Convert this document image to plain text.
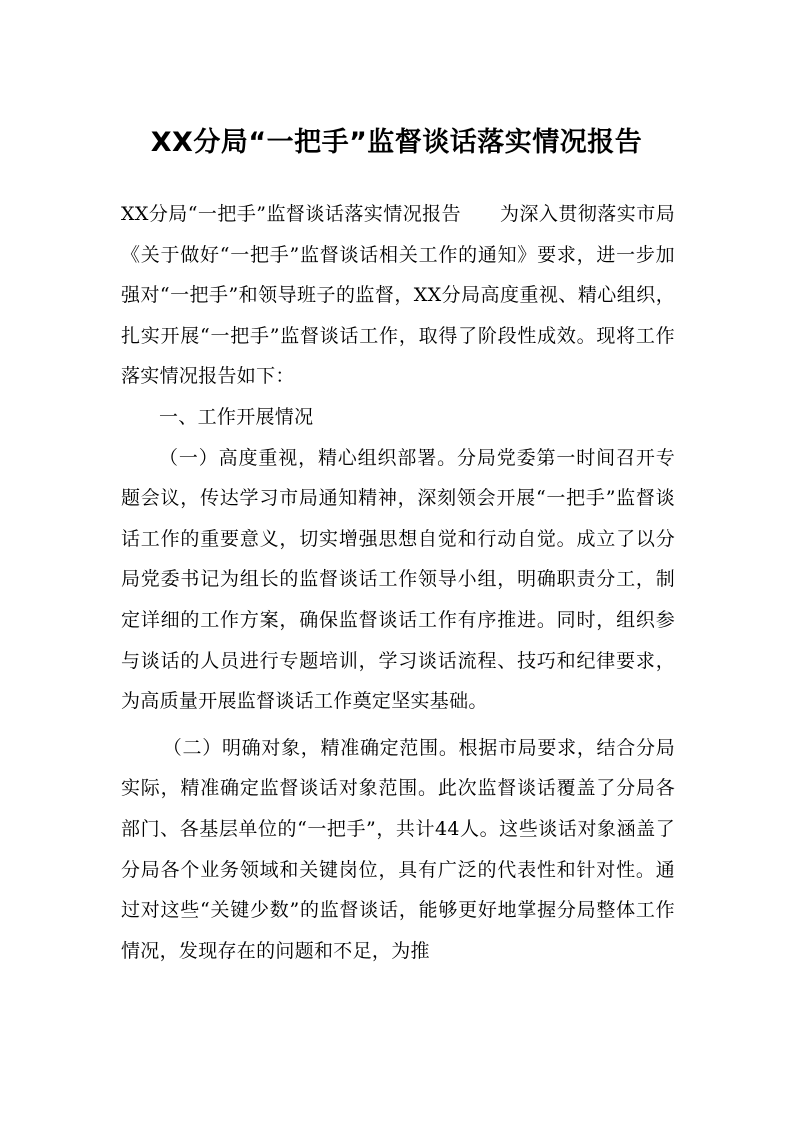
XX分局“一把手”监督谈话落实情况报告

XX分局“一把手”监督谈话落实情况报告　　为深入贯彻落实市局《关于做好“一把手”监督谈话相关工作的通知》要求，进一步加强对“一把手”和领导班子的监督，XX分局高度重视、精心组织，扎实开展“一把手”监督谈话工作，取得了阶段性成效。现将工作落实情况报告如下：

一、工作开展情况

（一）高度重视，精心组织部署。分局党委第一时间召开专题会议，传达学习市局通知精神，深刻领会开展“一把手”监督谈话工作的重要意义，切实增强思想自觉和行动自觉。成立了以分局党委书记为组长的监督谈话工作领导小组，明确职责分工，制定详细的工作方案，确保监督谈话工作有序推进。同时，组织参与谈话的人员进行专题培训，学习谈话流程、技巧和纪律要求，为高质量开展监督谈话工作奠定坚实基础。

（二）明确对象，精准确定范围。根据市局要求，结合分局实际，精准确定监督谈话对象范围。此次监督谈话覆盖了分局各部门、各基层单位的“一把手”，共计44人。这些谈话对象涵盖了分局各个业务领域和关键岗位，具有广泛的代表性和针对性。通过对这些“关键少数”的监督谈话，能够更好地掌握分局整体工作情况，发现存在的问题和不足，为推
